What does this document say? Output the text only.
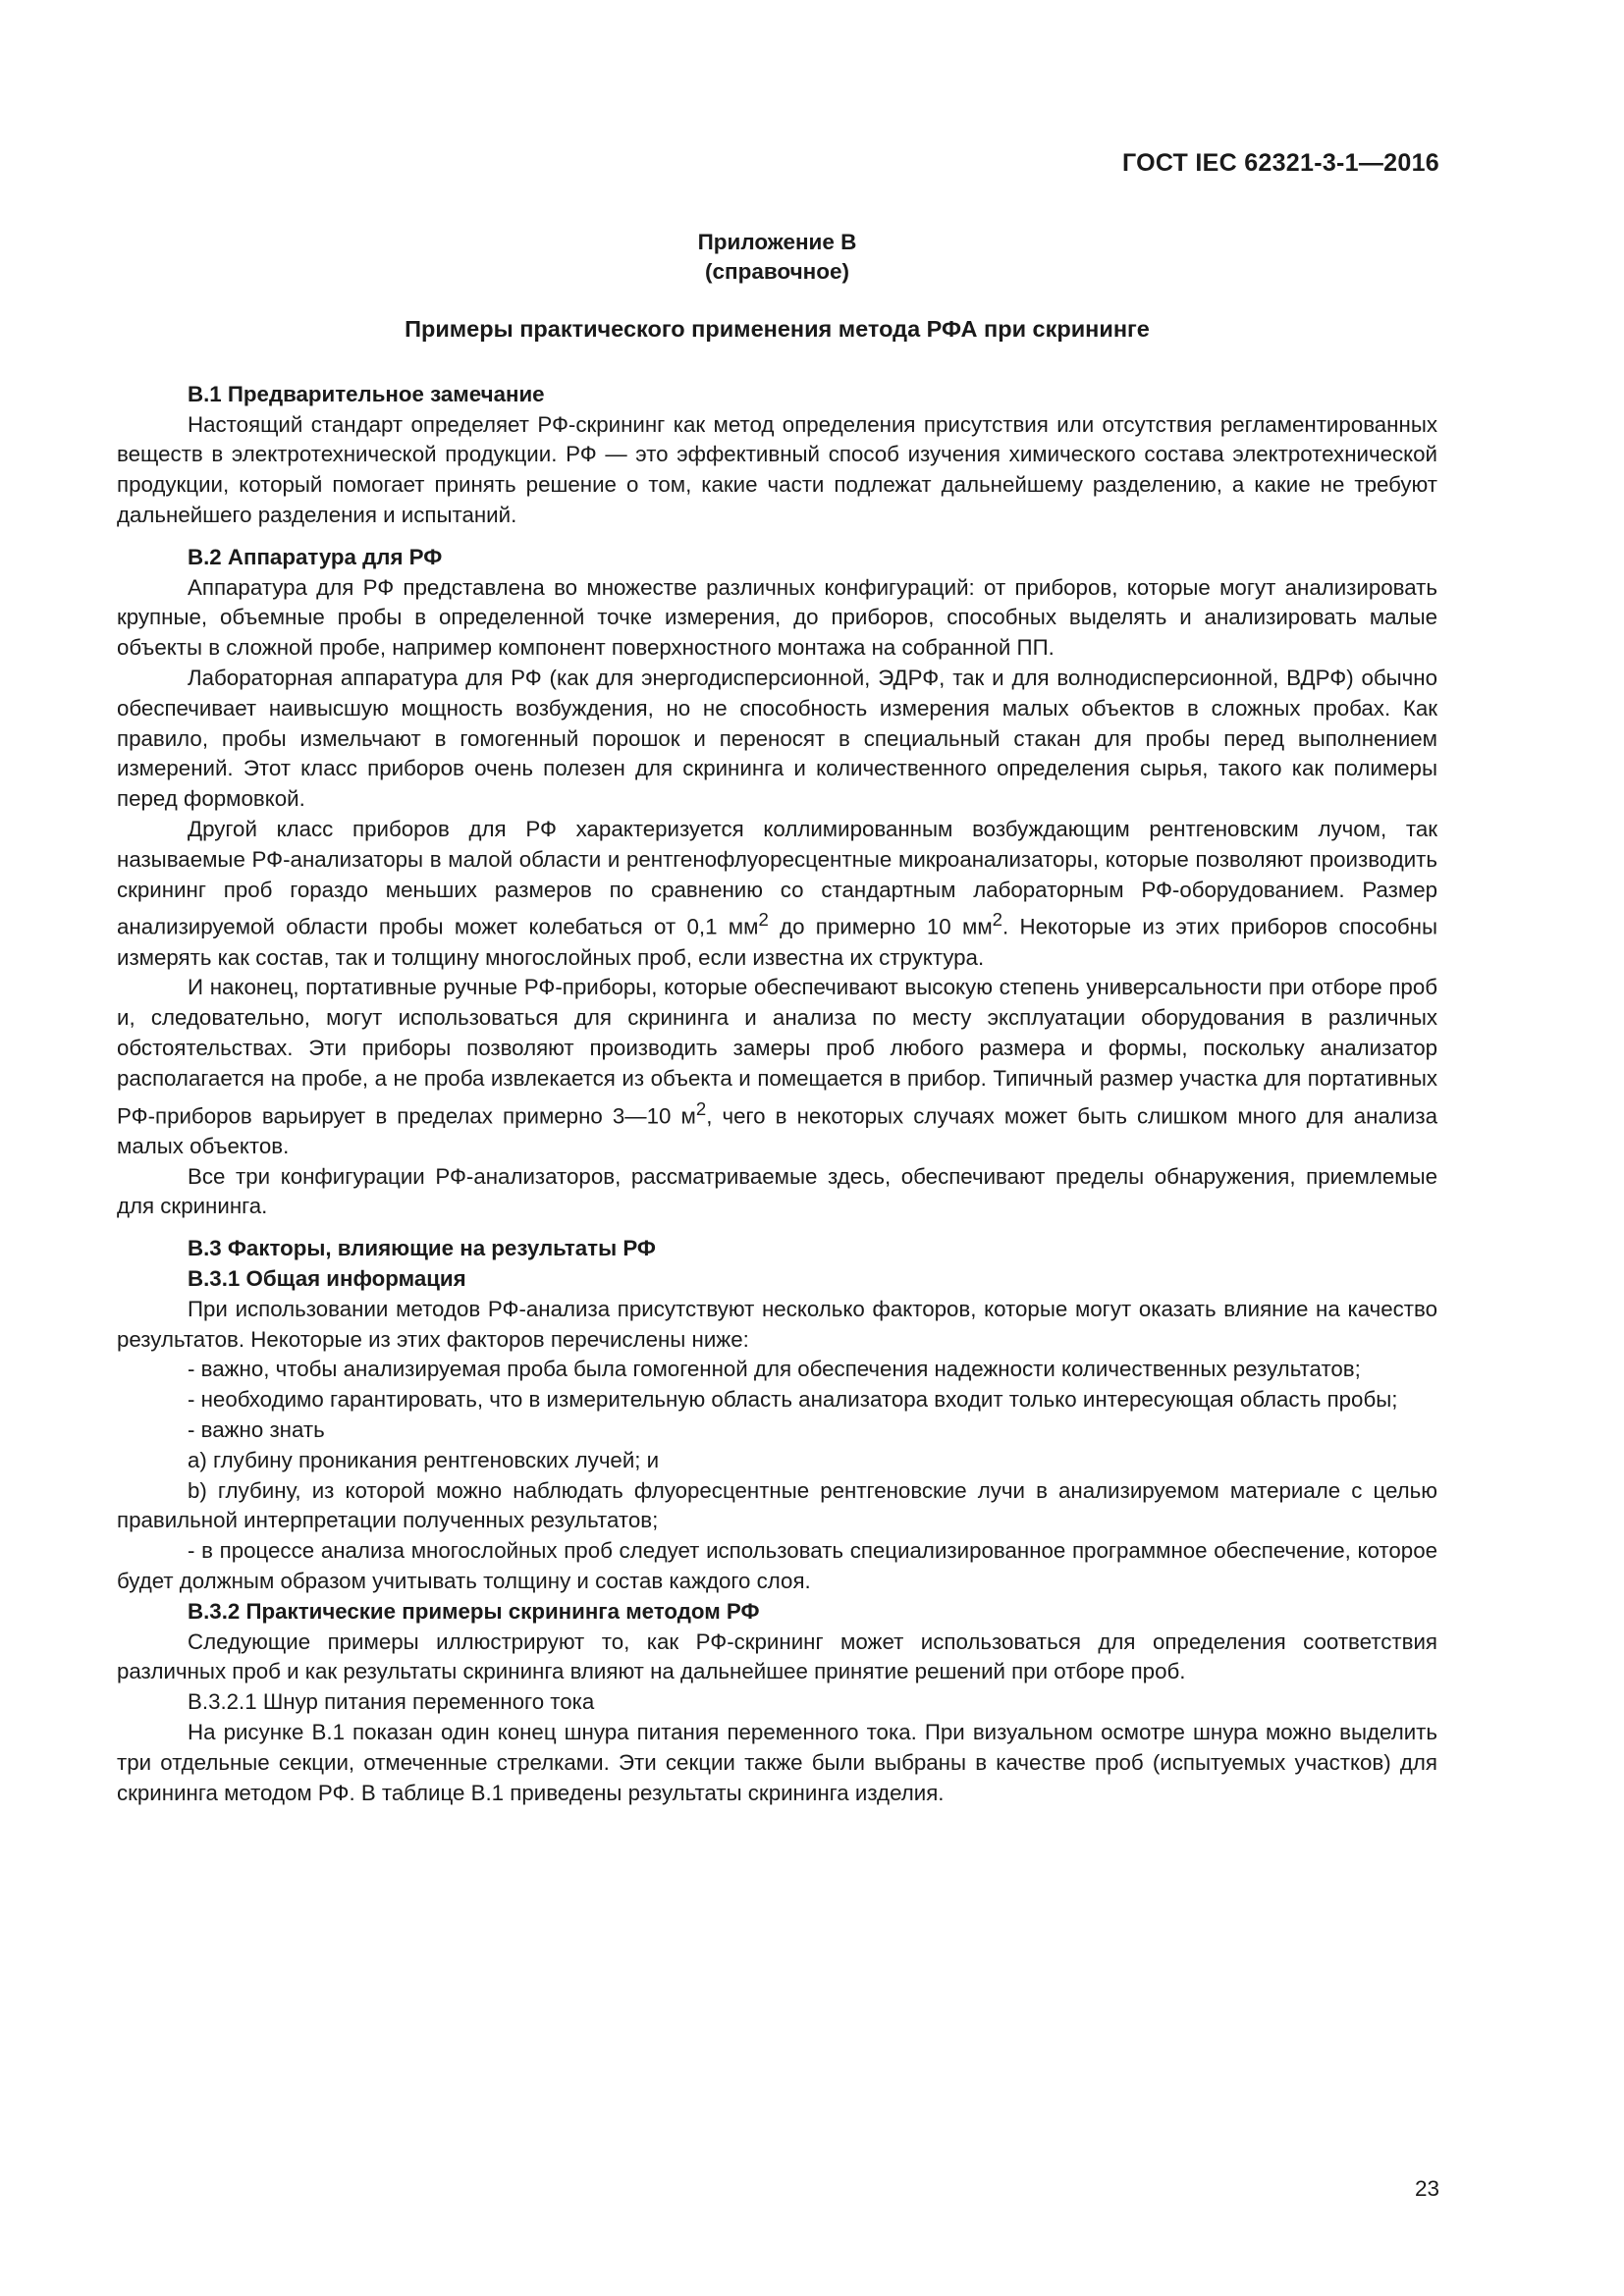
ГОСТ IEC 62321-3-1—2016
Приложение В
(справочное)
Примеры практического применения метода РФА при скрининге
В.1 Предварительное замечание

Настоящий стандарт определяет РФ-скрининг как метод определения присутствия или отсутствия регламентированных веществ в электротехнической продукции. РФ — это эффективный способ изучения химического состава электротехнической продукции, который помогает принять решение о том, какие части подлежат дальнейшему разделению, а какие не требуют дальнейшего разделения и испытаний.

В.2 Аппаратура для РФ

Аппаратура для РФ представлена во множестве различных конфигураций: от приборов, которые могут анализировать крупные, объемные пробы в определенной точке измерения, до приборов, способных выделять и анализировать малые объекты в сложной пробе, например компонент поверхностного монтажа на собранной ПП.

Лабораторная аппаратура для РФ (как для энергодисперсионной, ЭДРФ, так и для волнодисперсионной, ВДРФ) обычно обеспечивает наивысшую мощность возбуждения, но не способность измерения малых объектов в сложных пробах. Как правило, пробы измельчают в гомогенный порошок и переносят в специальный стакан для пробы перед выполнением измерений. Этот класс приборов очень полезен для скрининга и количественного определения сырья, такого как полимеры перед формовкой.

Другой класс приборов для РФ характеризуется коллимированным возбуждающим рентгеновским лучом, так называемые РФ-анализаторы в малой области и рентгенофлуоресцентные микроанализаторы, которые позволяют производить скрининг проб гораздо меньших размеров по сравнению со стандартным лабораторным РФ-оборудованием. Размер анализируемой области пробы может колебаться от 0,1 $мм^2$ до примерно 10 $мм^2$. Некоторые из этих приборов способны измерять как состав, так и толщину многослойных проб, если известна их структура.

И наконец, портативные ручные РФ-приборы, которые обеспечивают высокую степень универсальности при отборе проб и, следовательно, могут использоваться для скрининга и анализа по месту эксплуатации оборудования в различных обстоятельствах. Эти приборы позволяют производить замеры проб любого размера и формы, поскольку анализатор располагается на пробе, а не проба извлекается из объекта и помещается в прибор. Типичный размер участка для портативных РФ-приборов варьирует в пределах примерно 3—10 $м^2$, чего в некоторых случаях может быть слишком много для анализа малых объектов.

Все три конфигурации РФ-анализаторов, рассматриваемые здесь, обеспечивают пределы обнаружения, приемлемые для скрининга.

В.3 Факторы, влияющие на результаты РФ
В.3.1 Общая информация

При использовании методов РФ-анализа присутствуют несколько факторов, которые могут оказать влияние на качество результатов. Некоторые из этих факторов перечислены ниже:

- важно, чтобы анализируемая проба была гомогенной для обеспечения надежности количественных результатов;

- необходимо гарантировать, что в измерительную область анализатора входит только интересующая область пробы;

- важно знать

а) глубину проникания рентгеновских лучей; и

b) глубину, из которой можно наблюдать флуоресцентные рентгеновские лучи в анализируемом материале с целью правильной интерпретации полученных результатов;

- в процессе анализа многослойных проб следует использовать специализированное программное обеспечение, которое будет должным образом учитывать толщину и состав каждого слоя.

В.3.2 Практические примеры скрининга методом РФ

Следующие примеры иллюстрируют то, как РФ-скрининг может использоваться для определения соответствия различных проб и как результаты скрининга влияют на дальнейшее принятие решений при отборе проб.

В.3.2.1 Шнур питания переменного тока

На рисунке В.1 показан один конец шнура питания переменного тока. При визуальном осмотре шнура можно выделить три отдельные секции, отмеченные стрелками. Эти секции также были выбраны в качестве проб (испытуемых участков) для скрининга методом РФ. В таблице В.1 приведены результаты скрининга изделия.

23
